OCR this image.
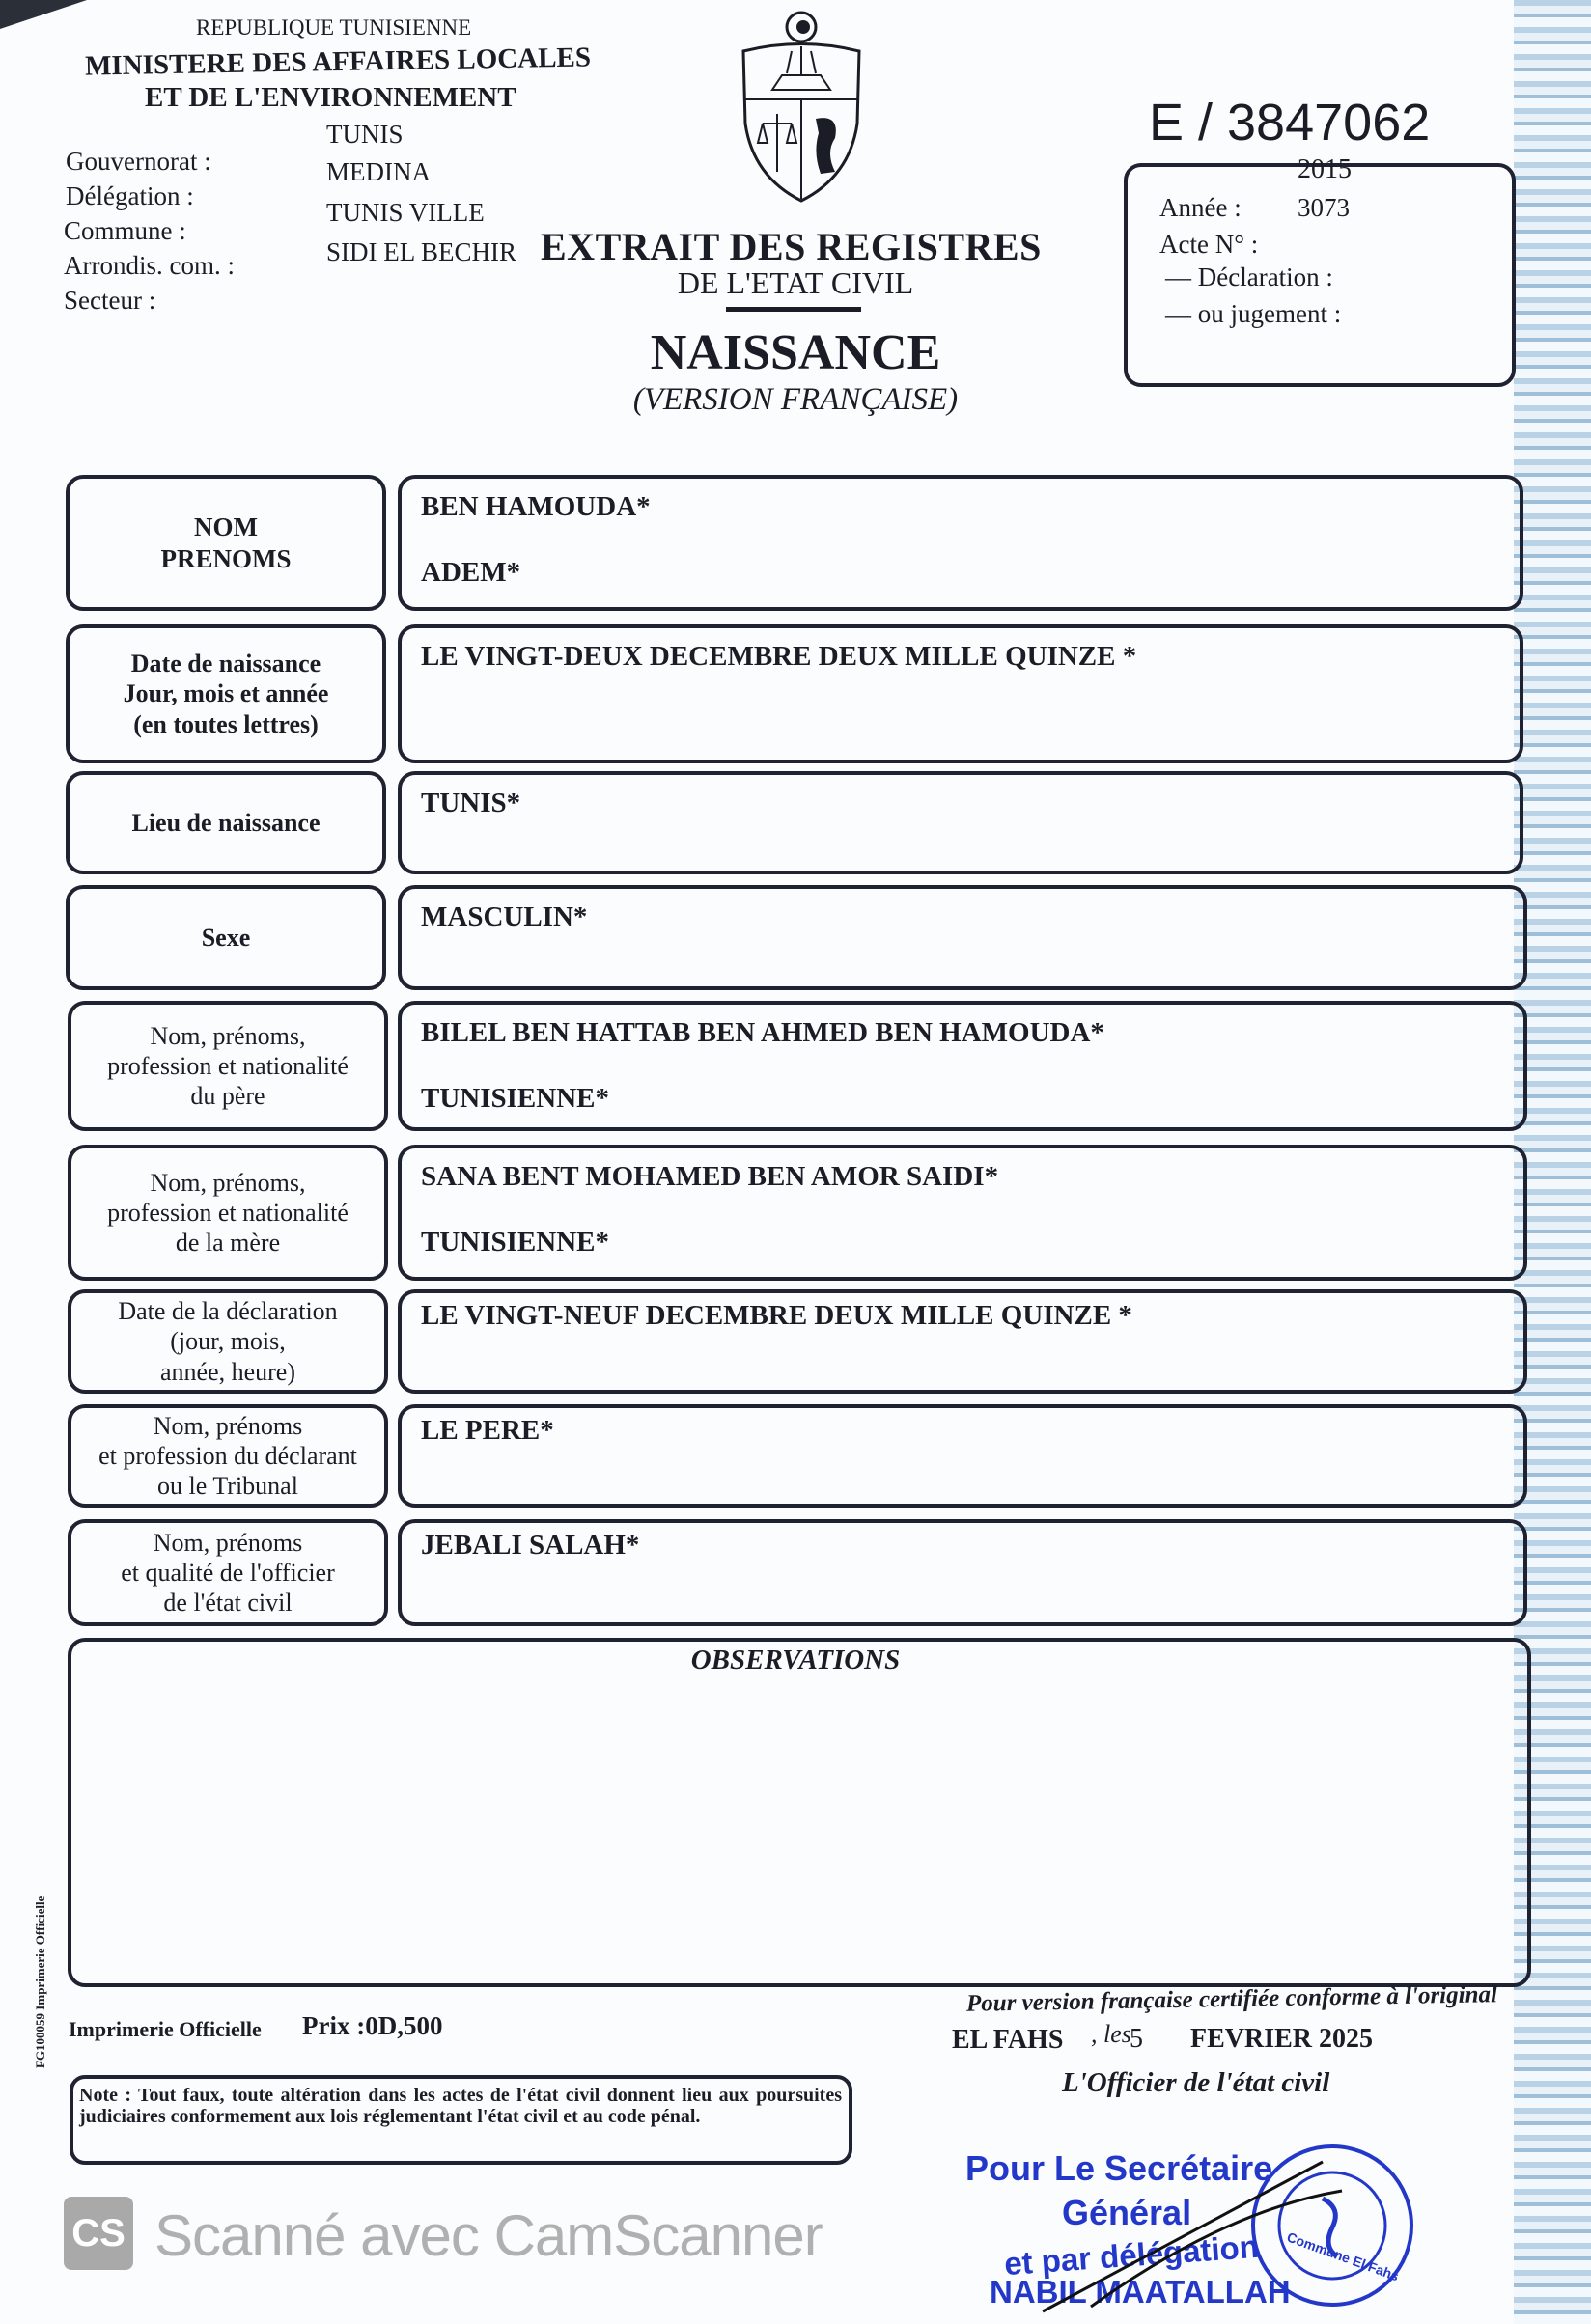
REPUBLIQUE TUNISIENNE
MINISTERE DES AFFAIRES LOCALES
ET DE L'ENVIRONNEMENT
Gouvernorat :
Délégation :
Commune :
Arrondis. com. :
Secteur :
TUNIS
MEDINA
TUNIS VILLE
SIDI EL BECHIR EXTRAIT DES REGISTRES
DE L'ETAT CIVIL
NAISSANCE
(VERSION FRANÇAISE)
E / 3847062
2015
Année : 3073
Acte N° :
— Déclaration :
— ou jugement :
NOM
PRENOMS
BEN HAMOUDA*
ADEM*
Date de naissance
Jour, mois et année
(en toutes lettres)
LE VINGT-DEUX DECEMBRE DEUX MILLE QUINZE *
Lieu de naissance
TUNIS*
Sexe
MASCULIN*
Nom, prénoms,
profession et nationalité
du père
BILEL BEN HATTAB BEN AHMED BEN HAMOUDA*
TUNISIENNE*
Nom, prénoms,
profession et nationalité
de la mère
SANA BENT MOHAMED BEN AMOR SAIDI*
TUNISIENNE*
Date de la déclaration
(jour, mois,
année, heure)
LE VINGT-NEUF DECEMBRE DEUX MILLE QUINZE *
Nom, prénoms
et profession du déclarant
ou le Tribunal
LE PERE*
Nom, prénoms
et qualité de l'officier
de l'état civil
JEBALI SALAH*
OBSERVATIONS
FG100059 Imprimerie Officielle Imprimerie Officielle Prix :0D,500
Pour version française certifiée conforme à l'original
EL FAHS , les
5 FEVRIER 2025
L'Officier de l'état civil
Note : Tout faux, toute altération dans les actes de l'état civil donnent lieu aux poursuites judiciaires conformement aux lois réglementant l'état civil et au code pénal.
CS Scanné avec CamScanner
Pour Le Secrétaire
Général
et par délégation
NABIL MAATALLAH
Commune El Fahs
